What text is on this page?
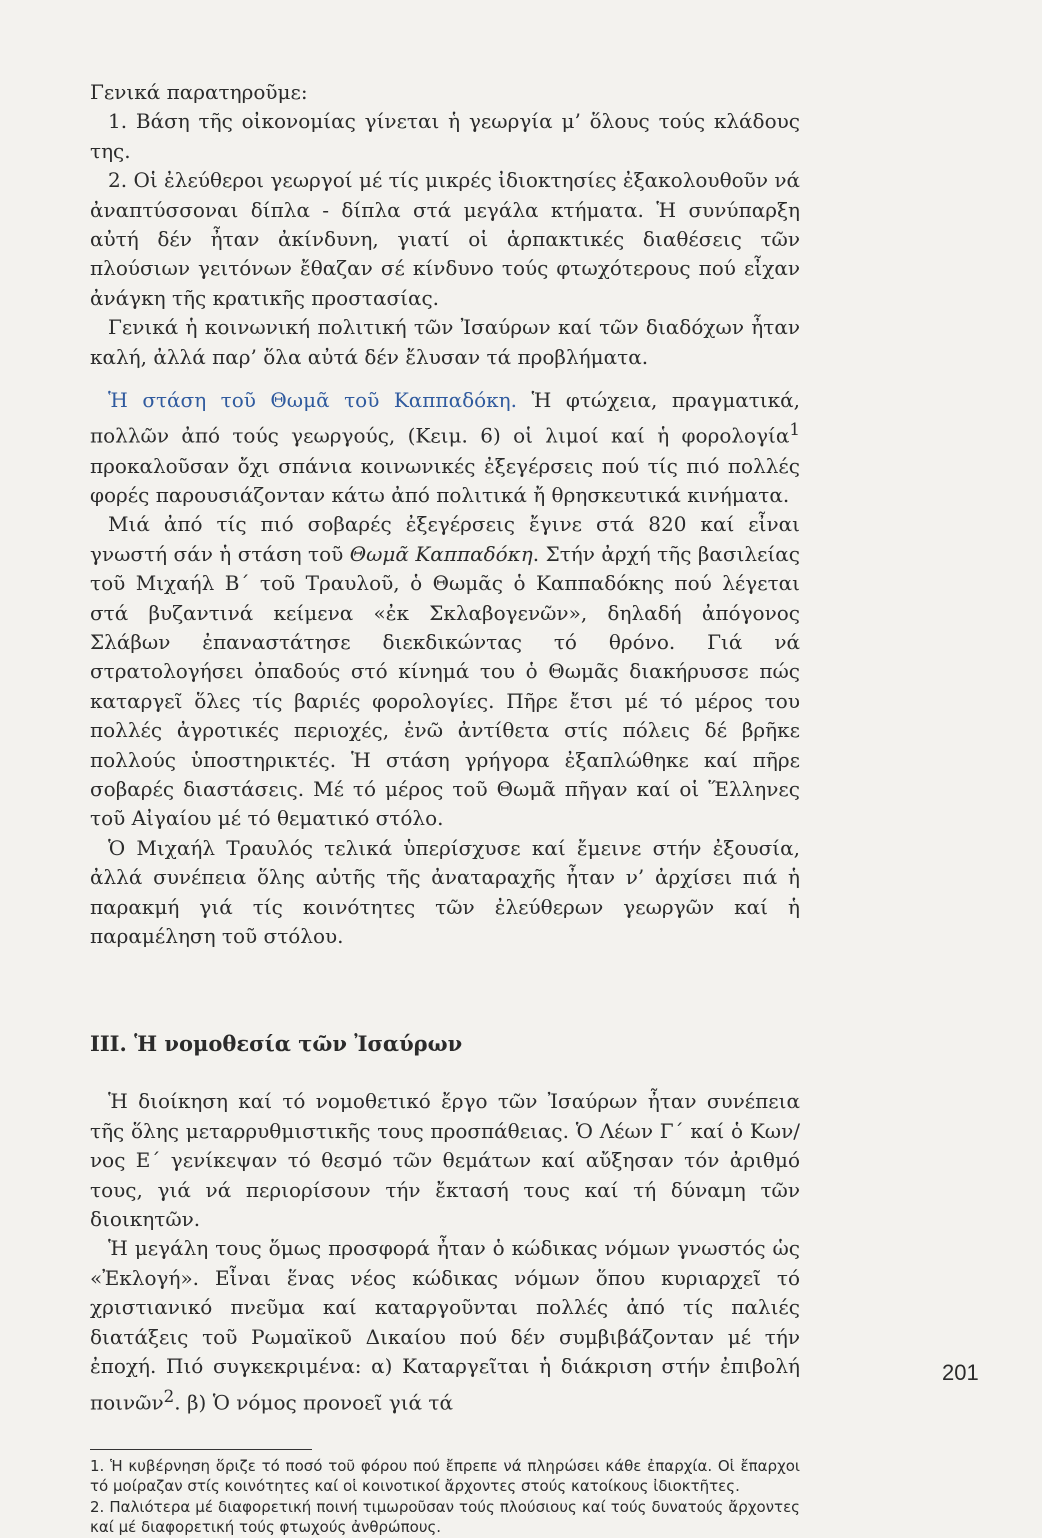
Γενικά παρατηροῦμε:

1. Βάση τῆς οἰκονομίας γίνεται ἡ γεωργία μ’ ὅλους τούς κλάδους της.

2. Οἱ ἐλεύθεροι γεωργοί μέ τίς μικρές ἰδιοκτησίες ἐξακολουθοῦν νά ἀναπτύσσοναι δίπλα - δίπλα στά μεγάλα κτήματα. Ἡ συνύπαρξη αὐτή δέν ἦταν ἀκίνδυνη, γιατί οἱ ἁρπακτικές διαθέσεις τῶν πλούσιων γειτόνων ἔθαζαν σέ κίνδυνο τούς φτωχότερους πού εἶχαν ἀνάγκη τῆς κρατικῆς προστασίας.

Γενικά ἡ κοινωνική πολιτική τῶν Ἰσαύρων καί τῶν διαδόχων ἦταν καλή, ἀλλά παρ’ ὅλα αὐτά δέν ἔλυσαν τά προβλήματα.

Ἡ στάση τοῦ Θωμᾶ τοῦ Καππαδόκη. Ἡ φτώχεια, πραγματικά, πολλῶν ἀπό τούς γεωργούς, (Κειμ. 6) οἱ λιμοί καί ἡ φορολογία$^1$ προκαλοῦσαν ὄχι σπάνια κοινωνικές ἐξεγέρσεις πού τίς πιό πολλές φορές παρουσιάζονταν κάτω ἀπό πολιτικά ἤ θρησκευτικά κινήματα.

Μιά ἀπό τίς πιό σοβαρές ἐξεγέρσεις ἔγινε στά 820 καί εἶναι γνωστή σάν ἡ στάση τοῦ Θωμᾶ Καππαδόκη. Στήν ἀρχή τῆς βασιλείας τοῦ Μιχαήλ Β΄ τοῦ Τραυλοῦ, ὁ Θωμᾶς ὁ Καππαδόκης πού λέγεται στά βυζαντινά κείμενα «ἐκ Σκλαβογενῶν», δηλαδή ἀπόγονος Σλάβων ἐπαναστάτησε διεκδικώντας τό θρόνο. Γιά νά στρατολογήσει ὀπαδούς στό κίνημά του ὁ Θωμᾶς διακήρυσσε πώς καταργεῖ ὅλες τίς βαριές φορολογίες. Πῆρε ἔτσι μέ τό μέρος του πολλές ἀγροτικές περιοχές, ἐνῶ ἀντίθετα στίς πόλεις δέ βρῆκε πολλούς ὑποστηρικτές. Ἡ στάση γρήγορα ἐξαπλώθηκε καί πῆρε σοβαρές διαστάσεις. Μέ τό μέρος τοῦ Θωμᾶ πῆγαν καί οἱ Ἕλληνες τοῦ Αἰγαίου μέ τό θεματικό στόλο.

Ὁ Μιχαήλ Τραυλός τελικά ὑπερίσχυσε καί ἔμεινε στήν ἐξουσία, ἀλλά συνέπεια ὅλης αὐτῆς τῆς ἀναταραχῆς ἦταν ν’ ἀρχίσει πιά ἡ παρακμή γιά τίς κοινότητες τῶν ἐλεύθερων γεωργῶν καί ἡ παραμέληση τοῦ στόλου.

III. Ἡ νομοθεσία τῶν Ἰσαύρων

Ἡ διοίκηση καί τό νομοθετικό ἔργο τῶν Ἰσαύρων ἦταν συνέπεια τῆς ὅλης μεταρρυθμιστικῆς τους προσπάθειας. Ὁ Λέων Γ΄ καί ὁ Κων/νος Ε΄ γενίκεψαν τό θεσμό τῶν θεμάτων καί αὔξησαν τόν ἀριθμό τους, γιά νά περιορίσουν τήν ἔκτασή τους καί τή δύναμη τῶν διοικητῶν.

Ἡ μεγάλη τους ὅμως προσφορά ἦταν ὁ κώδικας νόμων γνωστός ὡς «Ἐκλογή». Εἶναι ἕνας νέος κώδικας νόμων ὅπου κυριαρχεῖ τό χριστιανικό πνεῦμα καί καταργοῦνται πολλές ἀπό τίς παλιές διατάξεις τοῦ Ρωμαϊκοῦ Δικαίου πού δέν συμβιβάζονταν μέ τήν ἐποχή. Πιό συγκεκριμένα: α) Καταργεῖται ἡ διάκριση στήν ἐπιβολή ποινῶν$^2$. β) Ὁ νόμος προνοεῖ γιά τά

1. Ἡ κυβέρνηση ὅριζε τό ποσό τοῦ φόρου πού ἔπρεπε νά πληρώσει κάθε ἐπαρχία. Οἱ ἔπαρχοι τό μοίραζαν στίς κοινότητες καί οἱ κοινοτικοί ἄρχοντες στούς κατοίκους ἰδιοκτῆτες.

2. Παλιότερα μέ διαφορετική ποινή τιμωροῦσαν τούς πλούσιους καί τούς δυνατούς ἄρχοντες καί μέ διαφορετική τούς φτωχούς ἀνθρώπους.

201
